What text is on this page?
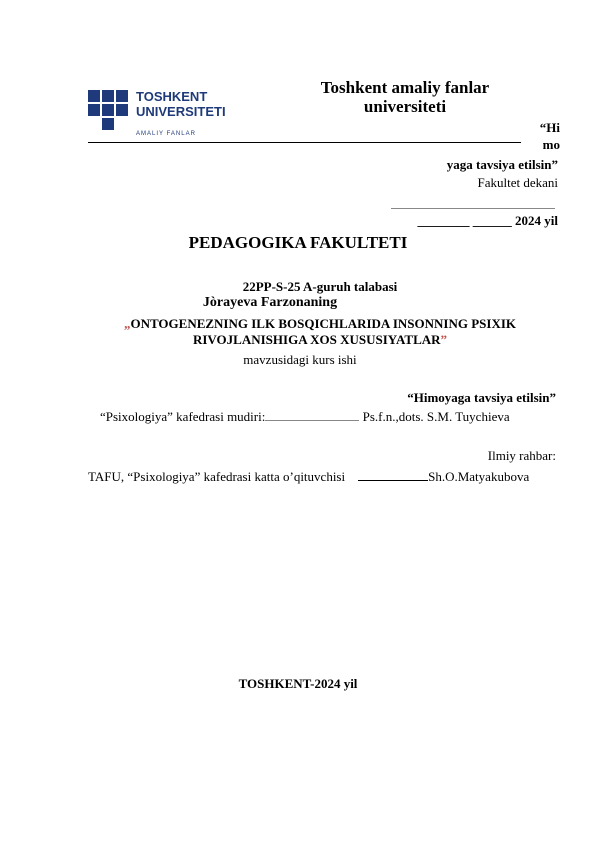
TOSHKENT
UNIVERSITETI
AMALIY FANLAR
Toshkent amaliy fanlar
universiteti
“Hi
mo
yaga tavsiya etilsin”
Fakultet dekani
________ ______ 2024 yil
PEDAGOGIKA FAKULTETI
22PP-S-25 A-guruh talabasi
Jòrayeva Farzonaning
„ONTOGENEZNING ILK BOSQICHLARIDA INSONNING PSIXIK
RIVOJLANISHIGA XOS XUSUSIYATLAR”
mavzusidagi kurs ishi
“Himoyaga tavsiya etilsin”
“Psixologiya” kafedrasi mudiri:	Ps.f.n.,dots. S.M. Tuychieva
Ilmiy rahbar:
TAFU, “Psixologiya” kafedrasi katta o’qituvchisi	Sh.O.Matyakubova
TOSHKENT-2024 yil
